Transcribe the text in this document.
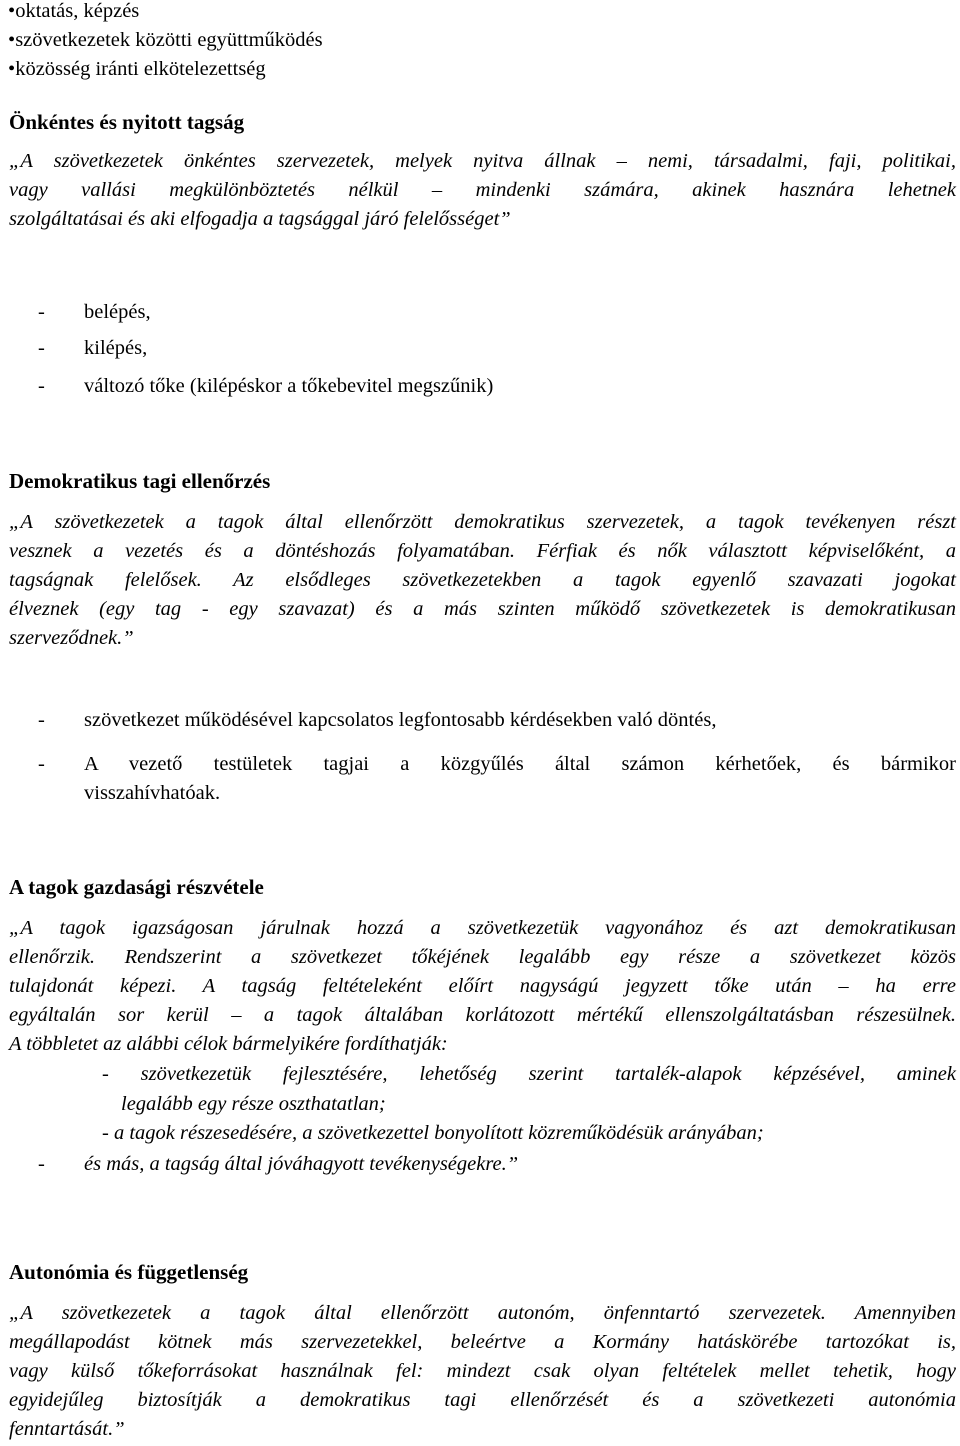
•oktatás, képzés
•szövetkezetek közötti együttműködés
•közösség iránti elkötelezettség
Önkéntes és nyitott tagság
„A szövetkezetek önkéntes szervezetek, melyek nyitva állnak – nemi, társadalmi, faji, politikai,
vagy vallási megkülönböztetés nélkül – mindenki számára, akinek hasznára lehetnek
szolgáltatásai és aki elfogadja a tagsággal járó felelősséget”
- belépés,
- kilépés,
- változó tőke (kilépéskor a tőkebevitel megszűnik)
Demokratikus tagi ellenőrzés
„A szövetkezetek a tagok által ellenőrzött demokratikus szervezetek, a tagok tevékenyen részt
vesznek a vezetés és a döntéshozás folyamatában. Férfiak és nők választott képviselőként, a
tagságnak felelősek. Az elsődleges szövetkezetekben a tagok egyenlő szavazati jogokat
élveznek (egy tag - egy szavazat) és a más szinten működő szövetkezetek is demokratikusan
szerveződnek.”
- szövetkezet működésével kapcsolatos legfontosabb kérdésekben való döntés,
- A vezető testületek tagjai a közgyűlés által számon kérhetőek, és bármikor
visszahívhatóak.
A tagok gazdasági részvétele
„A tagok igazságosan járulnak hozzá a szövetkezetük vagyonához és azt demokratikusan
ellenőrzik. Rendszerint a szövetkezet tőkéjének legalább egy része a szövetkezet közös
tulajdonát képezi. A tagság feltételeként előírt nagyságú jegyzett tőke után – ha erre
egyáltalán sor kerül – a tagok általában korlátozott mértékű ellenszolgáltatásban részesülnek.
A többletet az alábbi célok bármelyikére fordíthatják:
- szövetkezetük fejlesztésére, lehetőség szerint tartalék-alapok képzésével, aminek
legalább egy része oszthatatlan;
- a tagok részesedésére, a szövetkezettel bonyolított közreműködésük arányában;
- és más, a tagság által jóváhagyott tevékenységekre.”
Autonómia és függetlenség
„A szövetkezetek a tagok által ellenőrzött autonóm, önfenntartó szervezetek. Amennyiben
megállapodást kötnek más szervezetekkel, beleértve a Kormány hatáskörébe tartozókat is,
vagy külső tőkeforrásokat használnak fel: mindezt csak olyan feltételek mellet tehetik, hogy
egyidejűleg biztosítják a demokratikus tagi ellenőrzését és a szövetkezeti autonómia
fenntartását.”
